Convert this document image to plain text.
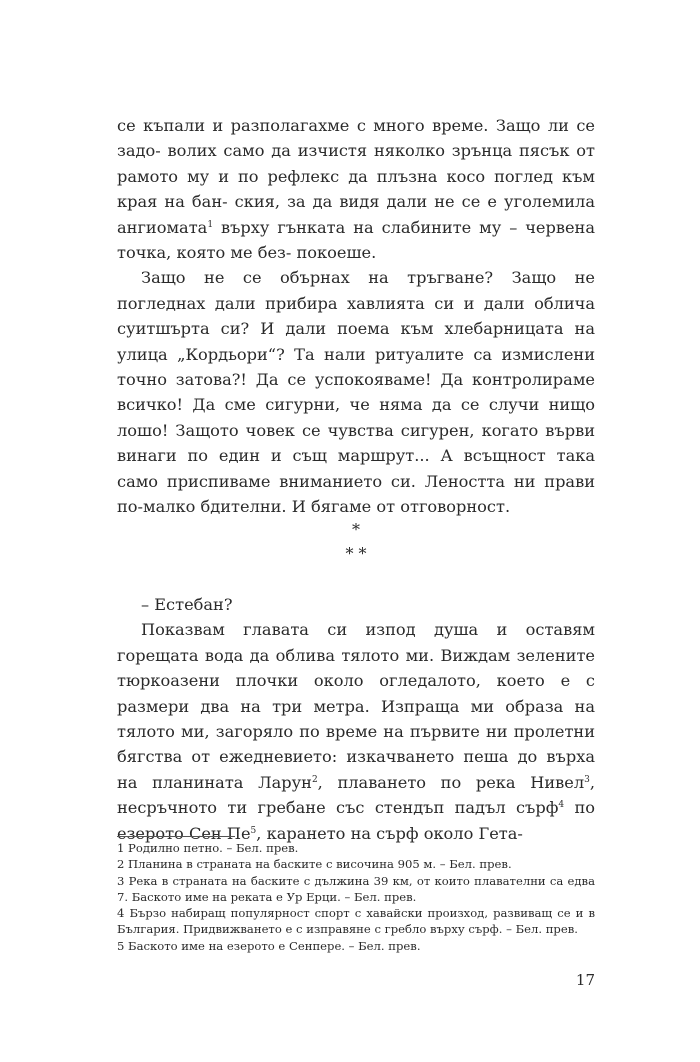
се къпали и разполагахме с много време. Защо ли се задо- волих само да изчистя няколко зрънца пясък от рамото му и по рефлекс да плъзна косо поглед към края на бан- ския, за да видя дали не се е уголемила ангиомата$^1$ върху гънката на слабините му – червена точка, която ме без- покоеше.

Защо не се обърнах на тръгване? Защо не погледнах дали прибира хавлията си и дали облича суитшърта си? И дали поема към хлебарницата на улица „Кордьори“? Та нали ритуалите са измислени точно затова?! Да се успокояваме! Да контролираме всичко! Да сме сигурни, че няма да се случи нищо лошо! Защото човек се чувства сигурен, когато върви винаги по един и същ маршрут... А всъщност така само приспиваме вниманието си. Леността ни прави по-малко бдителни. И бягаме от отговорност.

*
* *

– Естебан?

Показвам главата си изпод душа и оставям горещата вода да облива тялото ми. Виждам зелените тюркоазени плочки около огледалото, което е с размери два на три метра. Изпраща ми образа на тялото ми, загоряло по време на първите ни пролетни бягства от ежедневието: изкачването пеша до върха на планината Ларун$^2$, плаването по река Нивел$^3$, несръчното ти гребане със стендъп падъл сърф$^4$ по езерото Сен $Пе^5$, карането на сърф около Гета-

1 Родилно петно. – Бел. прев.
2 Планина в страната на баските с височина 905 м. – Бел. прев.
3 Река в страната на баските с дължина 39 км, от които плавателни са едва 7. Баското име на реката е Ур Ерци. – Бел. прев.
4 Бързо набиращ популярност спорт с хавайски произход, развиващ се и в България. Придвижването е с изправяне с гребло върху сърф. – Бел. прев.
5 Баското име на езерото е Сенпере. – Бел. прев.
17
